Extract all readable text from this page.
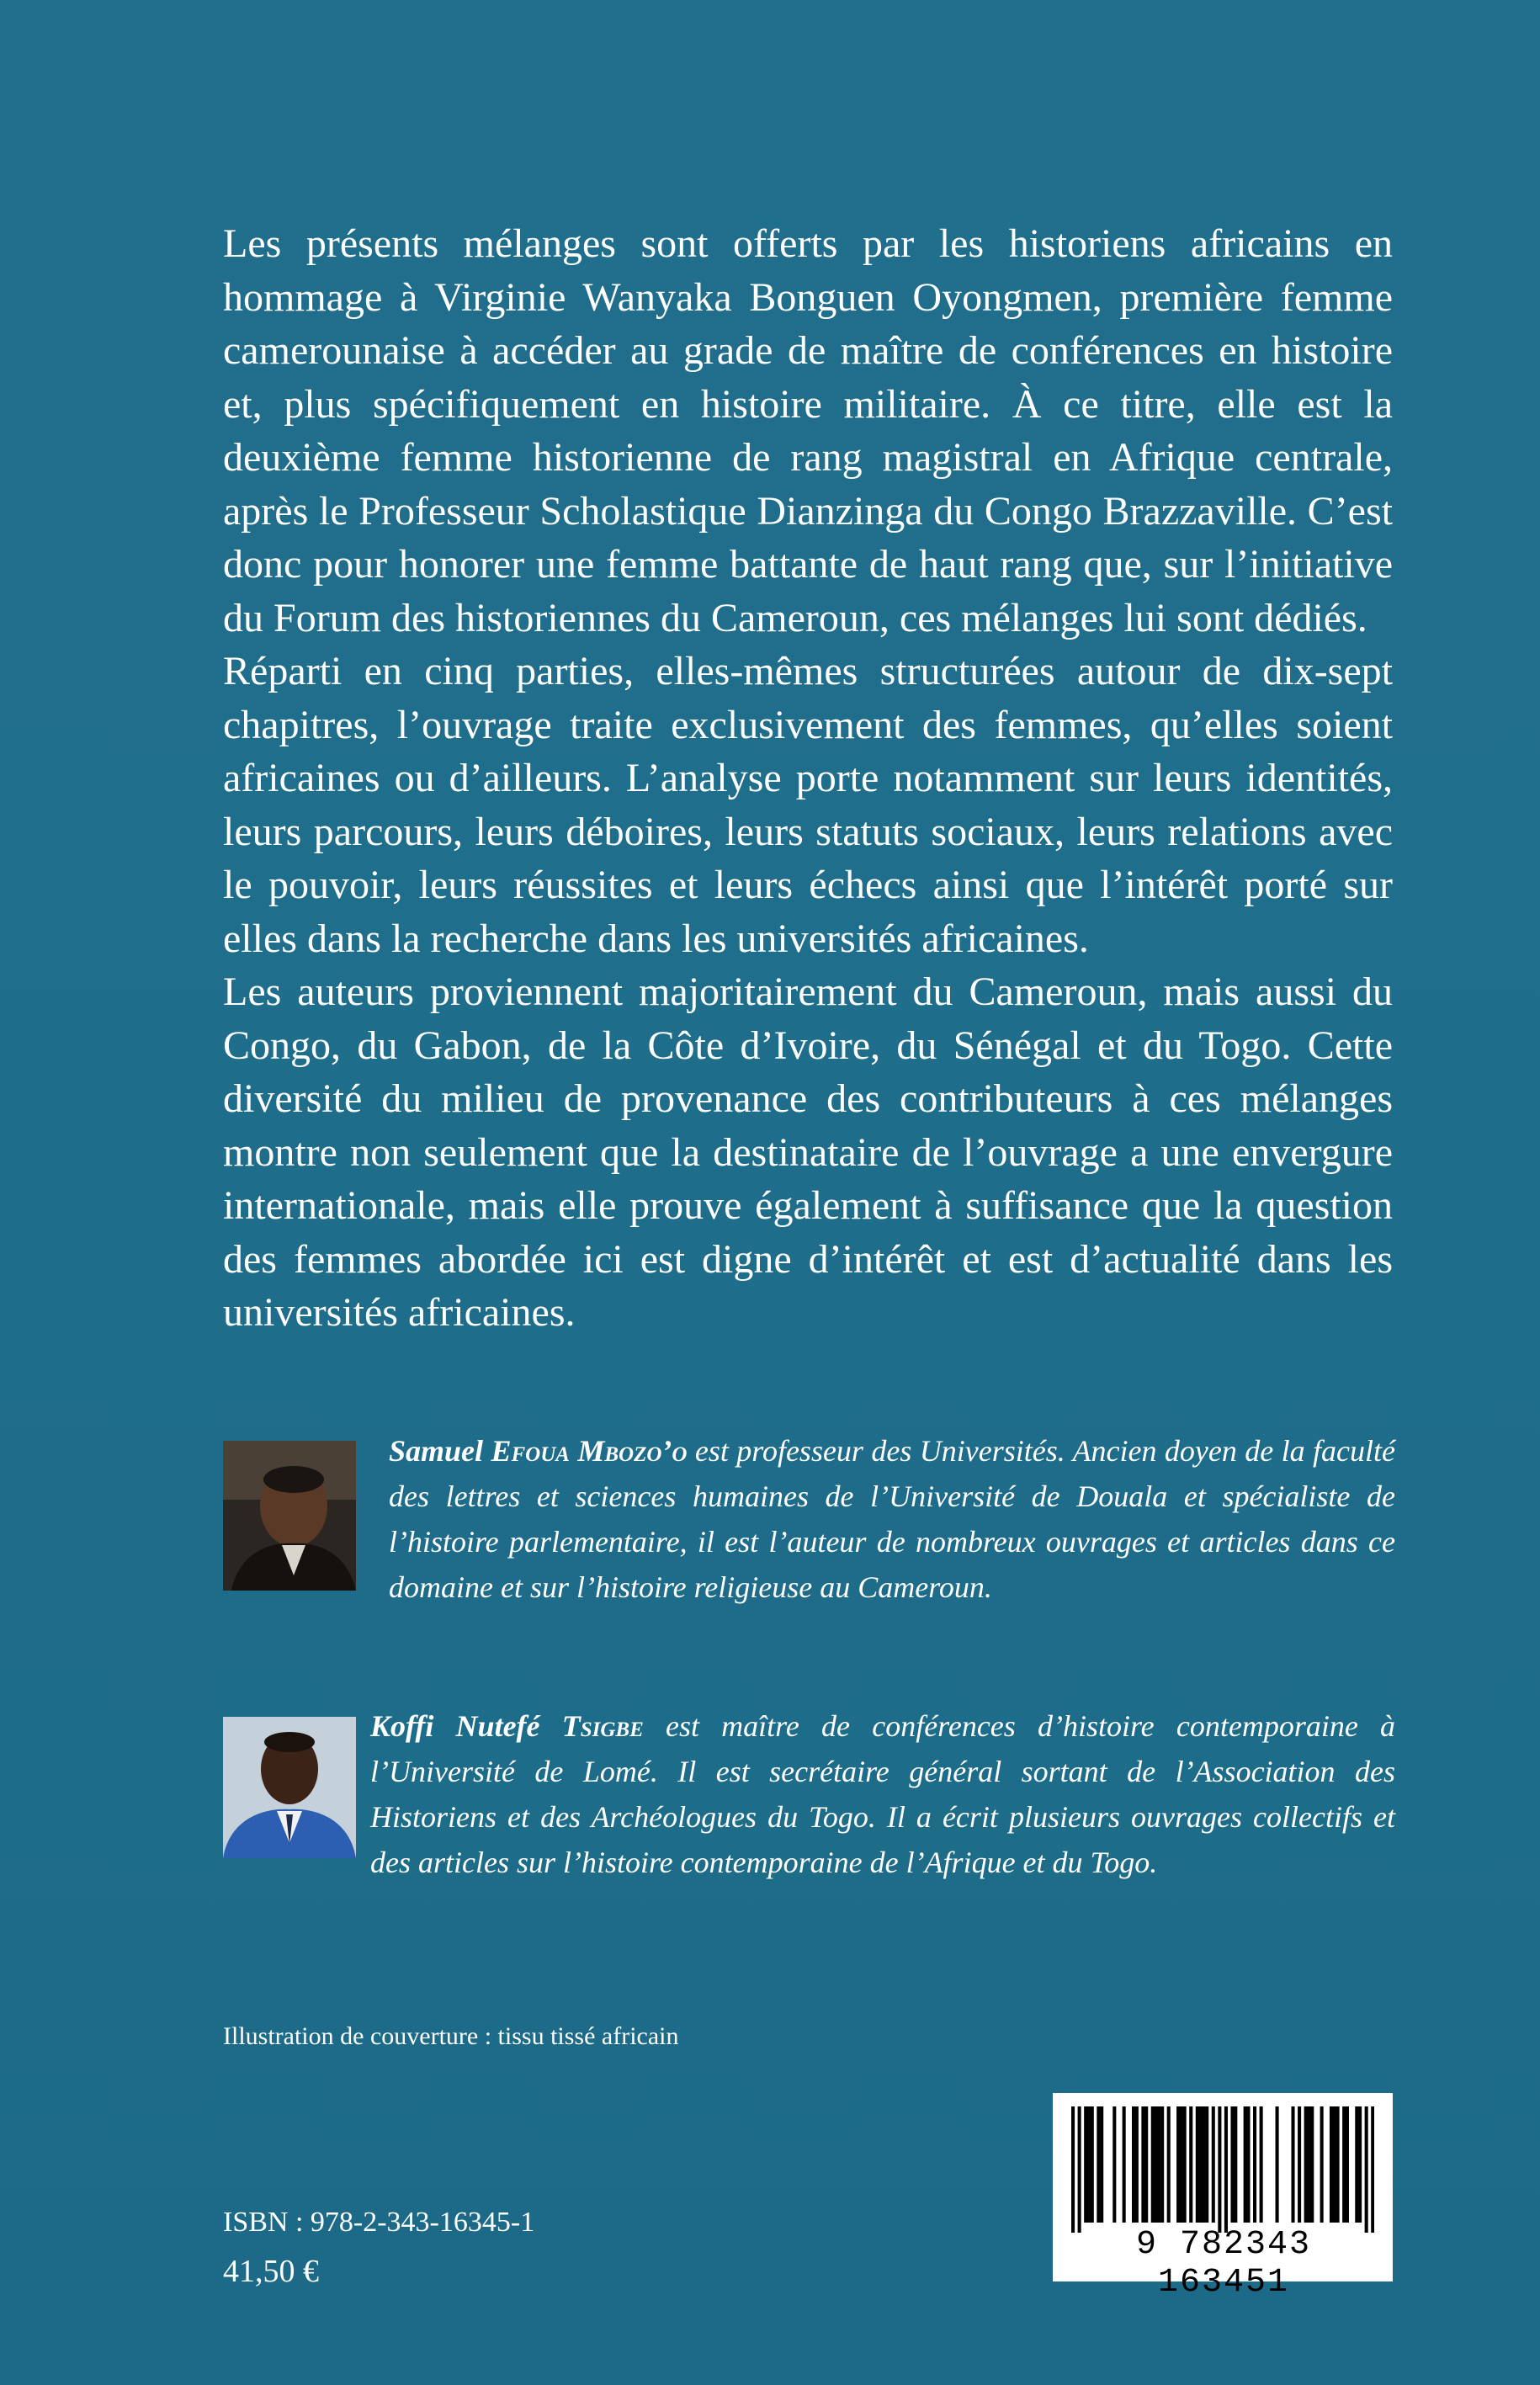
Les présents mélanges sont offerts par les historiens africains en hommage à Virginie Wanyaka Bonguen Oyongmen, première femme camerounaise à accéder au grade de maître de conférences en histoire et, plus spécifiquement en histoire militaire. À ce titre, elle est la deuxième femme historienne de rang magistral en Afrique centrale, après le Professeur Scholastique Dianzinga du Congo Brazzaville. C’est donc pour honorer une femme battante de haut rang que, sur l’initiative du Forum des historiennes du Cameroun, ces mélanges lui sont dédiés.

Réparti en cinq parties, elles-mêmes structurées autour de dix-sept chapitres, l’ouvrage traite exclusivement des femmes, qu’elles soient africaines ou d’ailleurs. L’analyse porte notamment sur leurs identités, leurs parcours, leurs déboires, leurs statuts sociaux, leurs relations avec le pouvoir, leurs réussites et leurs échecs ainsi que l’intérêt porté sur elles dans la recherche dans les universités africaines.

Les auteurs proviennent majoritairement du Cameroun, mais aussi du Congo, du Gabon, de la Côte d’Ivoire, du Sénégal et du Togo. Cette diversité du milieu de provenance des contributeurs à ces mélanges montre non seulement que la destinataire de l’ouvrage a une envergure internationale, mais elle prouve également à suffisance que la question des femmes abordée ici est digne d’intérêt et est d’actualité dans les universités africaines.

Samuel Efoua Mbozo’o est professeur des Universités. Ancien doyen de la faculté des lettres et sciences humaines de l’Université de Douala et spécialiste de l’histoire parlementaire, il est l’auteur de nombreux ouvrages et articles dans ce domaine et sur l’histoire religieuse au Cameroun.
Koffi Nutefé Tsigbe est maître de conférences d’histoire contemporaine à l’Université de Lomé. Il est secrétaire général sortant de l’Association des Historiens et des Archéologues du Togo. Il a écrit plusieurs ouvrages collectifs et des articles sur l’histoire contemporaine de l’Afrique et du Togo.
Illustration de couverture : tissu tissé africain
ISBN : 978-2-343-16345-1
41,50 €
9 782343 163451
